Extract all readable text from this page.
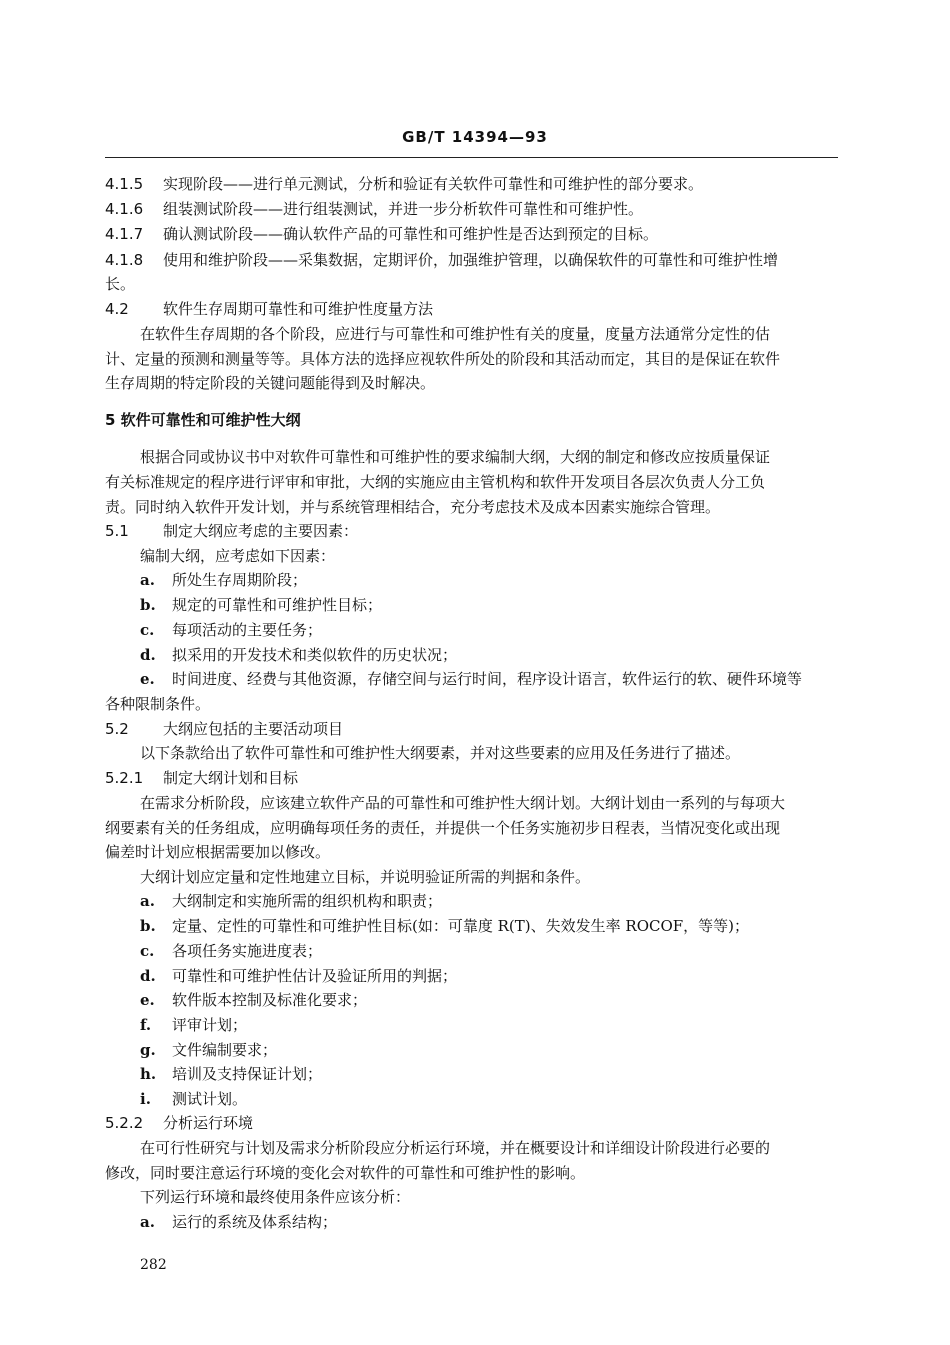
GB/T 14394—93
4.1.5 实现阶段——进行单元测试，分析和验证有关软件可靠性和可维护性的部分要求。
4.1.6 组装测试阶段——进行组装测试，并进一步分析软件可靠性和可维护性。
4.1.7 确认测试阶段——确认软件产品的可靠性和可维护性是否达到预定的目标。
4.1.8 使用和维护阶段——采集数据，定期评价，加强维护管理，以确保软件的可靠性和可维护性增
长。
4.2 软件生存周期可靠性和可维护性度量方法
在软件生存周期的各个阶段，应进行与可靠性和可维护性有关的度量，度量方法通常分定性的估
计、定量的预测和测量等等。具体方法的选择应视软件所处的阶段和其活动而定，其目的是保证在软件
生存周期的特定阶段的关键问题能得到及时解决。
5 软件可靠性和可维护性大纲
根据合同或协议书中对软件可靠性和可维护性的要求编制大纲，大纲的制定和修改应按质量保证
有关标准规定的程序进行评审和审批，大纲的实施应由主管机构和软件开发项目各层次负责人分工负
责。同时纳入软件开发计划，并与系统管理相结合，充分考虑技术及成本因素实施综合管理。
5.1 制定大纲应考虑的主要因素：
编制大纲，应考虑如下因素：
a. 所处生存周期阶段；
b. 规定的可靠性和可维护性目标；
c. 每项活动的主要任务；
d. 拟采用的开发技术和类似软件的历史状况；
e. 时间进度、经费与其他资源，存储空间与运行时间，程序设计语言，软件运行的软、硬件环境等
各种限制条件。
5.2 大纲应包括的主要活动项目
以下条款给出了软件可靠性和可维护性大纲要素，并对这些要素的应用及任务进行了描述。
5.2.1 制定大纲计划和目标
在需求分析阶段，应该建立软件产品的可靠性和可维护性大纲计划。大纲计划由一系列的与每项大
纲要素有关的任务组成，应明确每项任务的责任，并提供一个任务实施初步日程表，当情况变化或出现
偏差时计划应根据需要加以修改。
大纲计划应定量和定性地建立目标，并说明验证所需的判据和条件。
a. 大纲制定和实施所需的组织机构和职责；
b. 定量、定性的可靠性和可维护性目标(如：可靠度 R(T)、失效发生率 ROCOF，等等)；
c. 各项任务实施进度表；
d. 可靠性和可维护性估计及验证所用的判据；
e. 软件版本控制及标准化要求；
f. 评审计划；
g. 文件编制要求；
h. 培训及支持保证计划；
i. 测试计划。
5.2.2 分析运行环境
在可行性研究与计划及需求分析阶段应分析运行环境，并在概要设计和详细设计阶段进行必要的
修改，同时要注意运行环境的变化会对软件的可靠性和可维护性的影响。
下列运行环境和最终使用条件应该分析：
a. 运行的系统及体系结构；
282
